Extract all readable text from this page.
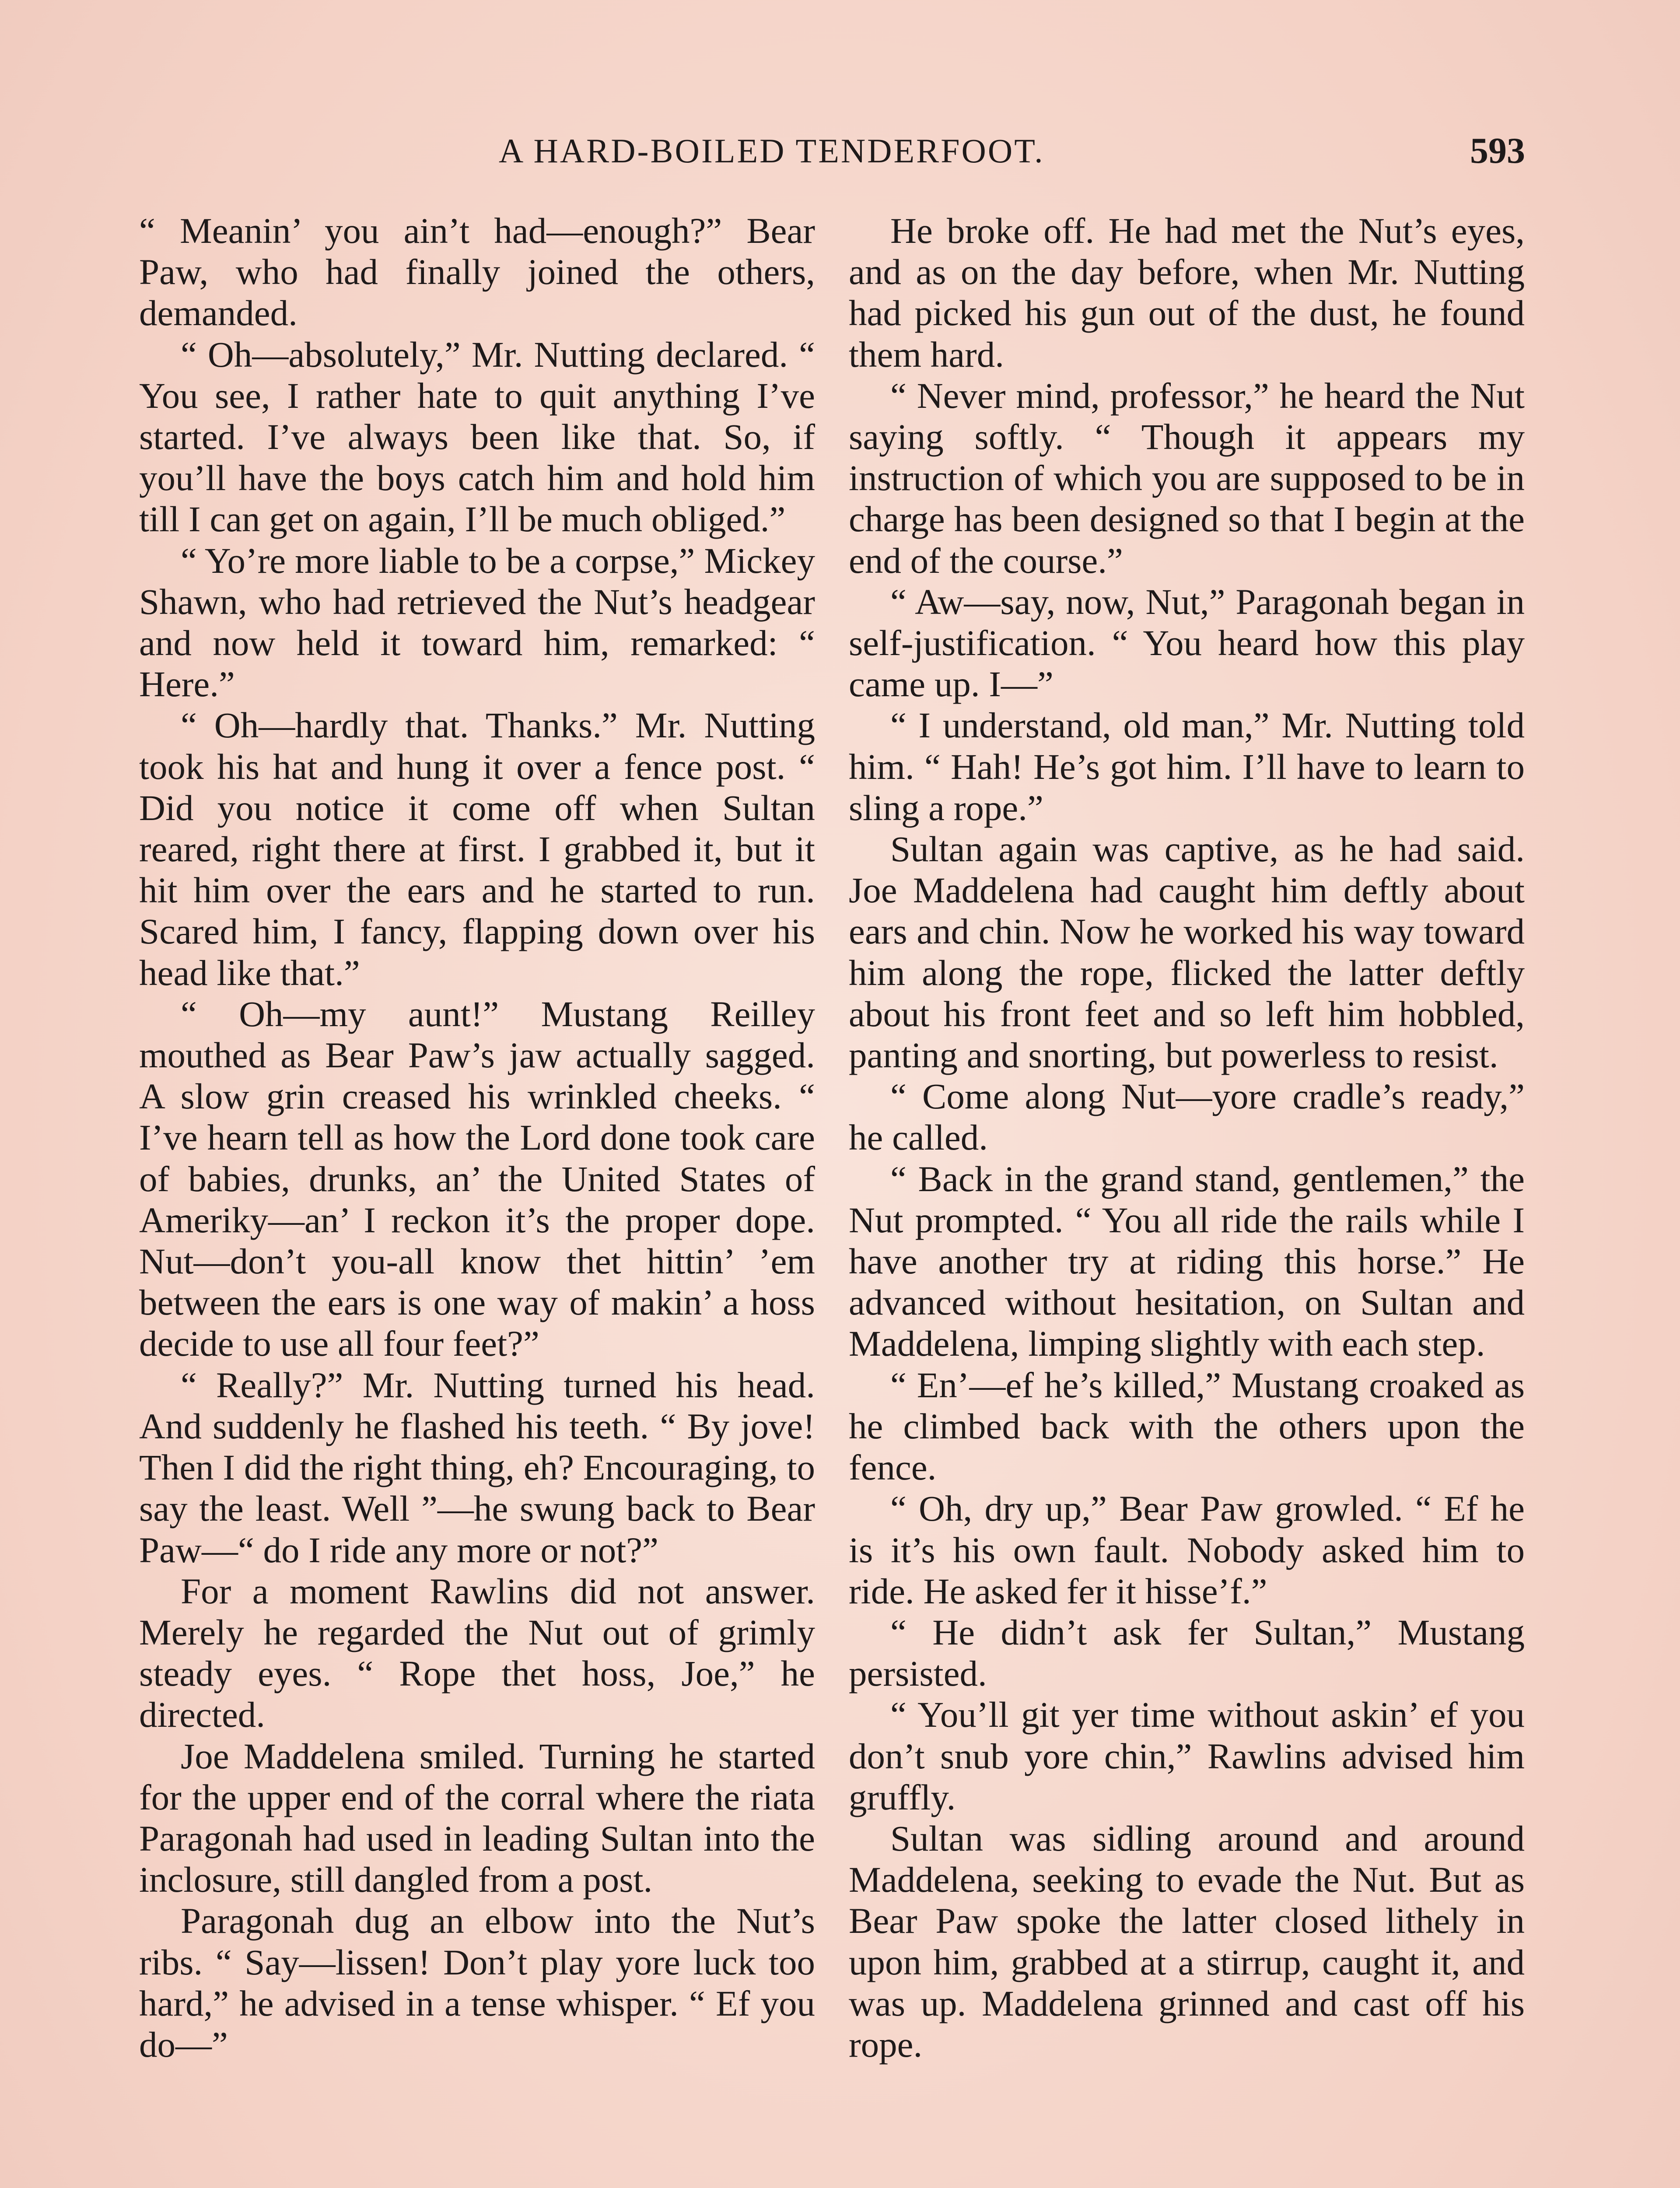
A HARD-BOILED TENDERFOOT.	593

“ Meanin’ you ain’t had—enough?” Bear Paw, who had finally joined the others, demanded.

“ Oh—absolutely,” Mr. Nutting declared. “ You see, I rather hate to quit anything I’ve started. I’ve always been like that. So, if you’ll have the boys catch him and hold him till I can get on again, I’ll be much obliged.”

“ Yo’re more liable to be a corpse,” Mickey Shawn, who had retrieved the Nut’s headgear and now held it toward him, remarked: “ Here.”

“ Oh—hardly that. Thanks.” Mr. Nutting took his hat and hung it over a fence post. “ Did you notice it come off when Sultan reared, right there at first. I grabbed it, but it hit him over the ears and he started to run. Scared him, I fancy, flapping down over his head like that.”

“ Oh—my aunt!” Mustang Reilley mouthed as Bear Paw’s jaw actually sagged. A slow grin creased his wrinkled cheeks. “ I’ve hearn tell as how the Lord done took care of babies, drunks, an’ the United States of Ameriky—an’ I reckon it’s the proper dope. Nut—don’t you-all know thet hittin’ ’em between the ears is one way of makin’ a hoss decide to use all four feet?”

“ Really?” Mr. Nutting turned his head. And suddenly he flashed his teeth. “ By jove! Then I did the right thing, eh? Encouraging, to say the least. Well ”—he swung back to Bear Paw—“ do I ride any more or not?”

For a moment Rawlins did not answer. Merely he regarded the Nut out of grimly steady eyes. “ Rope thet hoss, Joe,” he directed.

Joe Maddelena smiled. Turning he started for the upper end of the corral where the riata Paragonah had used in leading Sultan into the inclosure, still dangled from a post.

Paragonah dug an elbow into the Nut’s ribs. “ Say—lissen! Don’t play yore luck too hard,” he advised in a tense whisper. “ Ef you do—”

He broke off. He had met the Nut’s eyes, and as on the day before, when Mr. Nutting had picked his gun out of the dust, he found them hard.

“ Never mind, professor,” he heard the Nut saying softly. “ Though it appears my instruction of which you are supposed to be in charge has been designed so that I begin at the end of the course.”

“ Aw—say, now, Nut,” Paragonah began in self-justification. “ You heard how this play came up. I—”

“ I understand, old man,” Mr. Nutting told him. “ Hah! He’s got him. I’ll have to learn to sling a rope.”

Sultan again was captive, as he had said. Joe Maddelena had caught him deftly about ears and chin. Now he worked his way toward him along the rope, flicked the latter deftly about his front feet and so left him hobbled, panting and snorting, but powerless to resist.

“ Come along Nut—yore cradle’s ready,” he called.

“ Back in the grand stand, gentlemen,” the Nut prompted. “ You all ride the rails while I have another try at riding this horse.” He advanced without hesitation, on Sultan and Maddelena, limping slightly with each step.

“ En’—ef he’s killed,” Mustang croaked as he climbed back with the others upon the fence.

“ Oh, dry up,” Bear Paw growled. “ Ef he is it’s his own fault. Nobody asked him to ride. He asked fer it hisse’f.”

“ He didn’t ask fer Sultan,” Mustang persisted.

“ You’ll git yer time without askin’ ef you don’t snub yore chin,” Rawlins advised him gruffly.

Sultan was sidling around and around Maddelena, seeking to evade the Nut. But as Bear Paw spoke the latter closed lithely in upon him, grabbed at a stirrup, caught it, and was up. Maddelena grinned and cast off his rope.
